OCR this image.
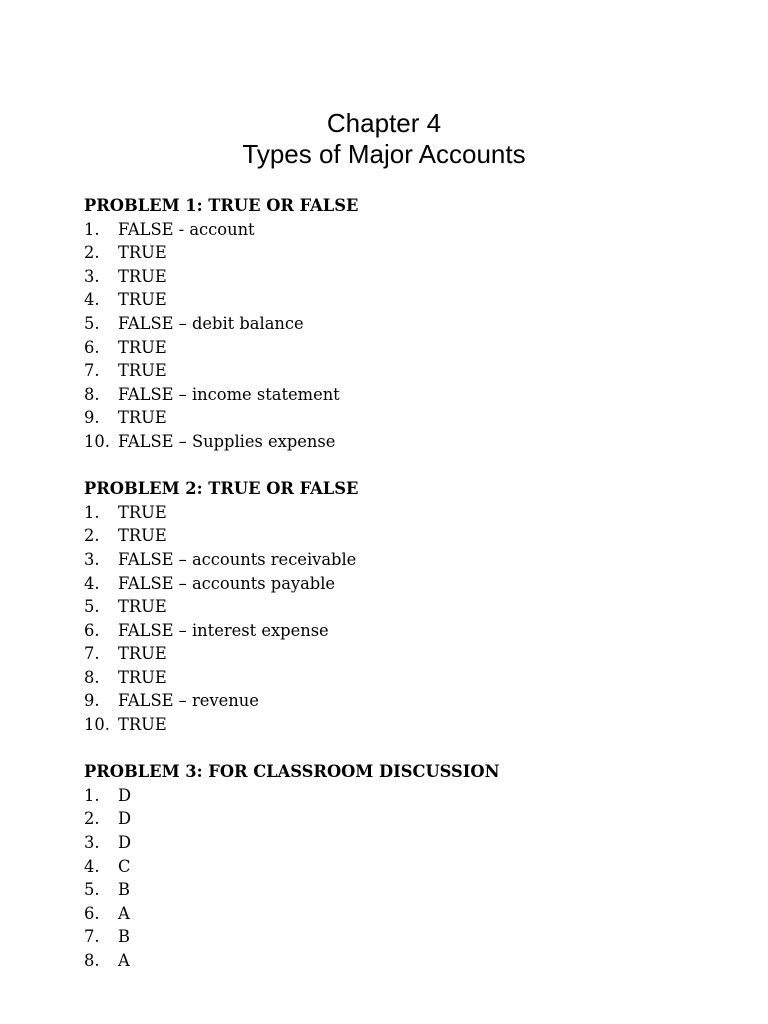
Chapter 4
Types of Major Accounts
PROBLEM 1: TRUE OR FALSE
1.	FALSE - account
2.	TRUE
3.	TRUE
4.	TRUE
5.	FALSE – debit balance
6.	TRUE
7.	TRUE
8.	FALSE – income statement
9.	TRUE
10. FALSE – Supplies expense
PROBLEM 2: TRUE OR FALSE
1.	TRUE
2.	TRUE
3.	FALSE – accounts receivable
4.	FALSE – accounts payable
5.	TRUE
6.	FALSE – interest expense
7.	TRUE
8.	TRUE
9.	FALSE – revenue
10. TRUE
PROBLEM 3: FOR CLASSROOM DISCUSSION
1.	D
2.	D
3.	D
4.	C
5.	B
6.	A
7.	B
8.	A
